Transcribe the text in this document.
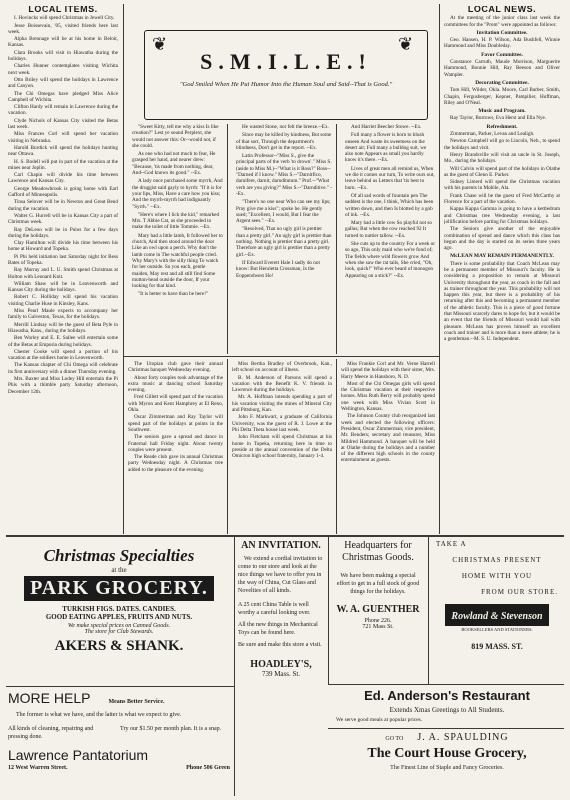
LOCAL ITEMS.

I. Hovincks will spend Christmas in Jewell City.

Jesse Boissevain, '05, visited friends here last week.

Alpha Brennage will be at his home in Beloit, Kansas.

Clara Brooks will visit in Hiawatha during the holidays.

Charles Hunner contemplates visiting Wichita next week.

Otto Briley will spend the holidays in Lawrence and Canyon.

The Chi Omegas have pledged Miss Alice Campbell of Wichita.

Clifton Hardy will remain in Lawrence during the vacation.

Clyde Nichols of Kansas City visited the Betas last week.

Miss Frances Corl will spend her vacation visiting in Nebraska.

Harold Burdick will spend the holidays hunting near Ottawa.

H. S. Bodell will put in part of the vacation at the mines near Joplin.

Carl Chapin will divide his time between Lawrence and Kansas City.

George Meadowbrook is going home with Earl Gafford of Minneapolis.

Tinsa Selover will be in Newton and Great Bend during the vacation.

Walter G. Hurrell will be in Kansas City a part of Christmas week.

Ray DeLeon will be in Pulos for a few days during the holidays.

Clay Hamilton will divide his time between his home at Howard and Topeka.

Pi Phi held initiation last Saturday night for Bess Bates of Topeka.

Ray Murray and L. U. Smith spend Christmas at Holton with Leonard Knit.

William Shaw will be in Leavenworth and Kansas City during the holidays.

Robert C. Holliday will spend his vacation visiting Charlie Huse in Kinsley, Kans.

Miss Pearl Maule expects to accompany her family to Galveston, Texas, for the holidays.

Merrill Lindsay will be the guest of Beta Pyle in Hiawatha, Kans., during the holidays.

Ben Worley and E. E. Sallee will entertain some of the Betas at Emporia during holidays.

Chester Cooke will spend a portion of his vacation at the soldiers home in Leavenworth.

The Kansas chapter of Chi Omega will celebrate its first anniversary with a dinner Thursday evening.

Mrs. Baxter and Miss Lodey Hill entertain the Pi Phis with a thimble party Saturday afternoon, December 12th.

S.M.I.L.E.!
"God Smiled When He Put Humor Into the Human Soul and Said--That is Good."
❦	❦

"Sweet Kitty, tell me why a kiss Is like creation?" Lest ye sound Perplext, she would not answer this: Or--would not, if she could.

As one who had not much to fear, He grasped her hand, and nearer drew: "Because, 'tis made from nothing, dear, And--God knows its good." --Ex.

A lady once purchased some myrrh, And the druggist said gayly to hyrrh: "If it is for your lips, Miss, Have a care how you kiss; And the myrrh-myrrh had indignantly "Syrrh." --Ex.

"Here's where I lick the kid," remarked Mrs. T Abbie Cat, as she proceeded to make the toilet of little Tommie. --Ex.

Mary had a little lamb, It followed her to church, And then stood around the door Like an owl upon a perch. Why don't the lamb come in The watchful people cried. Why Mary's with the silly thing To watch for her outside. So you each, gentle maiden, May rest and all still find Some mutton-head outside the door, If your looking for that kind.

"It is better to have than be here!"

He wasted Stone, nor felt the breeze.--Ex.

Since may be killed by kindness, But some of that sort, Through the department's blindness, Don't get in the report. --Ex.

Latin Professor--"Miss S., give the principal parts of the verb 'to drown'." Miss S. (aside to Miss M.)--"What is it Ross?" Ross--"Darned if I know." Miss S.--"Darnitfico, darnifere, darnit, darnditutum." Prof.--"What verb are you giving?" Miss S.--"Darnditive." --Ex.

"There's no one near Who can see my lips; Pray give me a kiss"; spoke he. He gently sued; "Excellent, I would, But I fear the Argent sees." --Ex.

"Resolved, That no ugly girl is prettier than a pretty girl." An ugly girl is prettier than nothing. Nothing is prettier than a pretty girl. Therefore an ugly girl is prettier than a pretty girl.--Ex.

If Edward Everett Hale I sadly do not know: But Henrietta Crossman, Is the Eoppendwest Ho!

And Harriet Beecher Stowe. --Ex.

Full many a flower is born to blush unseen And waste its sweetness on the desert air; Full many a bulldog suit, we also note Appears as small you hardly know it's there. --Ex.

Lives of great men all remind us, When we die it comes our turn, To write ours out, leave behind us Letters that 'tis best to burn. --Ex.

Of all sad words of fountain pen The saddest is the one, I think, Which has been written down, and then Is blotted by a gob of ink. --Ex.

Mary had a little cow So playful not so gallus; But when the cow reached 92 It turned to nuttier tallow. --Ex.

She cuts up to the country For a week or so ago, This only maid who we're fond of; The fields where wild flowers grow And when she saw the rat tails, She cried, "Oh, look, quick!" Who ever heard of monogon Appearing on a stick?" --Ex.

The Utopian club gave their annual Christmas banquet Wednesday evening.

About forty couples took advantage of the extra music at dancing school Saturday evening.

Fred Gillett will spend part of the vacation with Myron and Kent Hamphrey at El Reno, Okla.

Oscar Zimmerman and Ray Taylor will spend part of the holidays at points in the Southwest.

The seniors gave a spread and dance in Fraternal hall Friday night. About twenty couples were present.

The Reade club gave its annual Christmas party Wednesday night. A Christmas tree added to the pleasure of the evening.

Miss Bertha Bradley of Overbrook, Kan., left school on account of illness.

B. M. Anderson of Parsons will spend a vacation with the Benefit K. V. friends in Lawrence during the holidays.

Mr. A. Hoffman intends spending a part of his vacation visiting the mines of Mineral City and Pittsburg, Kan.

John F. Markwart, a graduate of California University, was the guest of R. J. Lowe at the Phi Delta Theta house last week.

John Fletcham will spend Christmas at his home in Topeka, returning here in time to preside at the annual convention of the Delta Omicron high school fraternity, January 1-4.

Miss Frankie Corl and Mr. Verne Harrell will spend the holidays with their sister, Mrs. Harry Meece in Hansboro, N. D.

Most of the Chi Omegas girls will spend the Christmas vacation at their respective homes. Miss Ruth Berry will probably spend one week with Miss Vivian Scott in Wellington, Kansas.

The Johnson County club reorganized last week and elected the following officers: President, Oscar Zimmerman; vice president, Mr. Benders; secretary and treasurer, Miss Mildred Hammond. A banquet will be held at Olathe during the holidays and a number of the different high schools in the county entertainment as guests.

LOCAL NEWS.

At the meeting of the junior class last week the committees for the "Prom" were appointed as follows:

Invitation Committee.

Geo. Hansen, H. P. Wilson, Ada Bushfell, Winnie Hammond and Miss Doubleday.

Favor Committee.

Constance Carruth, Maude Morrison, Marguerite Hammond, Bonnie Hill, Ray Beeson and Oliver Wampler.

Decorating Committee.

Tom Hill, Wilder, Okla. Moore, Carl Barber, Smith, Chapin, Fergusberger, Kepner, Pampilier, Huffman, Riley and O'Neal.

Music and Program.

Ray Taylor, Burrows, Eva Herst and Ella Nye.

Refreshment.

Zimmerman, Parker, Levan and Lealigh.

Newton Campbell will go to Lincoln, Neb., to spend the holidays and visit.

Henry Brandsville will visit an uncle in St. Joseph, Mo., during the holidays.

Will Calvin will spend part of the holidays in Olathe as the guest of Glenn E. Parker.

Sidney Limerd will spend the Christmas vacation with his parents in Mobile, Ala.

Frank Chase will be the guest of Fred McCarthy at Florence for a part of the vacation.

Kappa Kappa Gamma is going to have a kettledrum and Christmas tree Wednesday evening, a last jollification before parting for Christmas holidays.

The Seniors give another of the enjoyable combination of spread and dance which this class has begun and the day is started on its series three years ago.

McLEAN MAY REMAIN PERMANENTLY.

There is some probability that Coach McLean may be a permanent member of Missouri's faculty. He is considering a proposition to remain at Missouri University throughout the year, as coach in the fall and as trainer throughout the year. This probability will not happen this year, but there is a probability of his returning after this and becoming a permanent member of the athletic faculty. This is a piece of good fortune that Missouri scarcely dares to hope for, but it would be an event that the friends of Missouri would hail with pleasure. McLean has proven himself an excellent coach and trainer and is more than a mere athlete; he is a gentleman.--M. S. U. Independent.

Christmas Specialties
at the
PARK GROCERY.
TURKISH FIGS. DATES. CANDIES.
GOOD EATING APPLES, FRUITS AND NUTS.
We make special prices on Canned Goods.
The store for Club Stewards.
AKERS & SHANK.
AN INVITATION.
We extend a cordial invitation to come to our store and look at the nice things we have to offer you in the way of China, Cut Glass and Novelties of all kinds.
A 25 cent China Table is well worthy a careful looking over.
All the new things in Mechanical Toys can be found here.
Be sure and make this store a visit.
HOADLEY'S,
739 Mass. St.
Headquarters for
Christmas Goods.
We have been making a special effort to get in a full stock of good things for the holidays.
W. A. GUENTHER
Phone 226.
721 Mass St.
TAKE A
CHRISTMAS PRESENT
HOME WITH YOU
FROM OUR STORE.
Rowland & Stevenson
BOOKSELLERS AND STATIONERS.
819 MASS. ST.
MORE HELP	Means Better Service.
The former is what we have, and the latter is what we expect to give.
All kinds of cleaning, repairing and pressing done.
Try our $1.50 per month plan. It is a snap.
Lawrence Pantatorium
12 West Warren Street.	Phone 506 Green
Ed. Anderson's Restaurant
Extends Xmas Greetings to All Students.
We serve good meals at popular prices.
GO TO J. A. SPAULDING
The Court House Grocery,
The Finest Line of Staple and Fancy Groceries.
